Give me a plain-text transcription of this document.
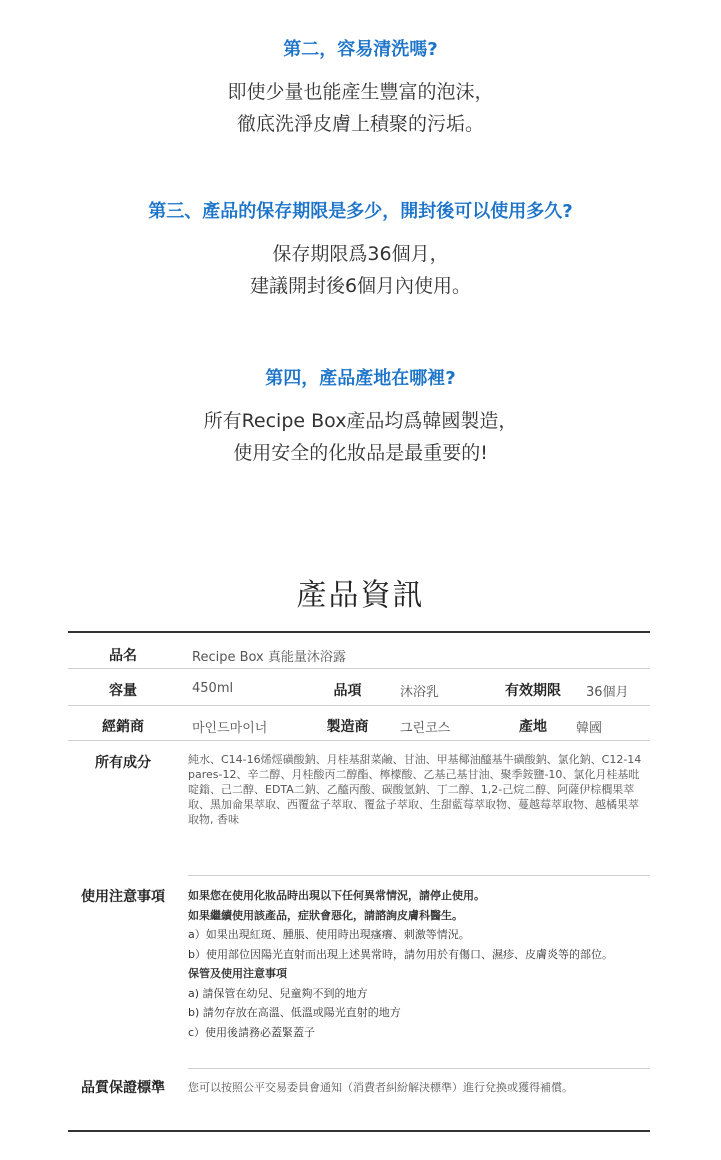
第二，容易清洗嗎?
即使少量也能產生豐富的泡沫，
徹底洗淨皮膚上積聚的污垢。
第三、產品的保存期限是多少，開封後可以使用多久?
保存期限爲36個月，
建議開封後6個月內使用。
第四，產品產地在哪裡?
所有Recipe Box產品均爲韓國製造，
使用安全的化妝品是最重要的!
產品資訊
品名	Recipe Box 真能量沐浴露
容量	450ml	品項	沐浴乳	有效期限	36個月
經銷商	마인드마이너	製造商	그린코스	產地	韓國
所有成分	純水、C14-16烯烴磺酸鈉、月桂基甜菜鹼、甘油、甲基椰油醯基牛磺酸鈉、氯化鈉、C12-14 pares-12、辛二醇、月桂酸丙二醇酯、檸檬酸、乙基己基甘油、聚季銨鹽-10、氯化月桂基吡啶鎓、己二醇、EDTA二鈉、乙醯丙酸、碳酸氫鈉、丁二醇、1,2-己烷二醇、阿薩伊棕櫚果萃取、黑加侖果萃取、西覆盆子萃取、覆盆子萃取、生甜藍莓萃取物、蔓越莓萃取物、越橘果萃取物, 香味
使用注意事項	如果您在使用化妝品時出現以下任何異常情況，請停止使用。
如果繼續使用該產品，症狀會惡化，請諮詢皮膚科醫生。
a）如果出現紅斑、腫脹、使用時出現瘙癢、刺激等情況。
b）使用部位因陽光直射而出現上述異常時，請勿用於有傷口、濕疹、皮膚炎等的部位。
保管及使用注意事項
a) 請保管在幼兒、兒童夠不到的地方
b) 請勿存放在高溫、低溫或陽光直射的地方
c）使用後請務必蓋緊蓋子
品質保證標準	您可以按照公平交易委員會通知（消費者糾紛解決標準）進行兌換或獲得補償。
